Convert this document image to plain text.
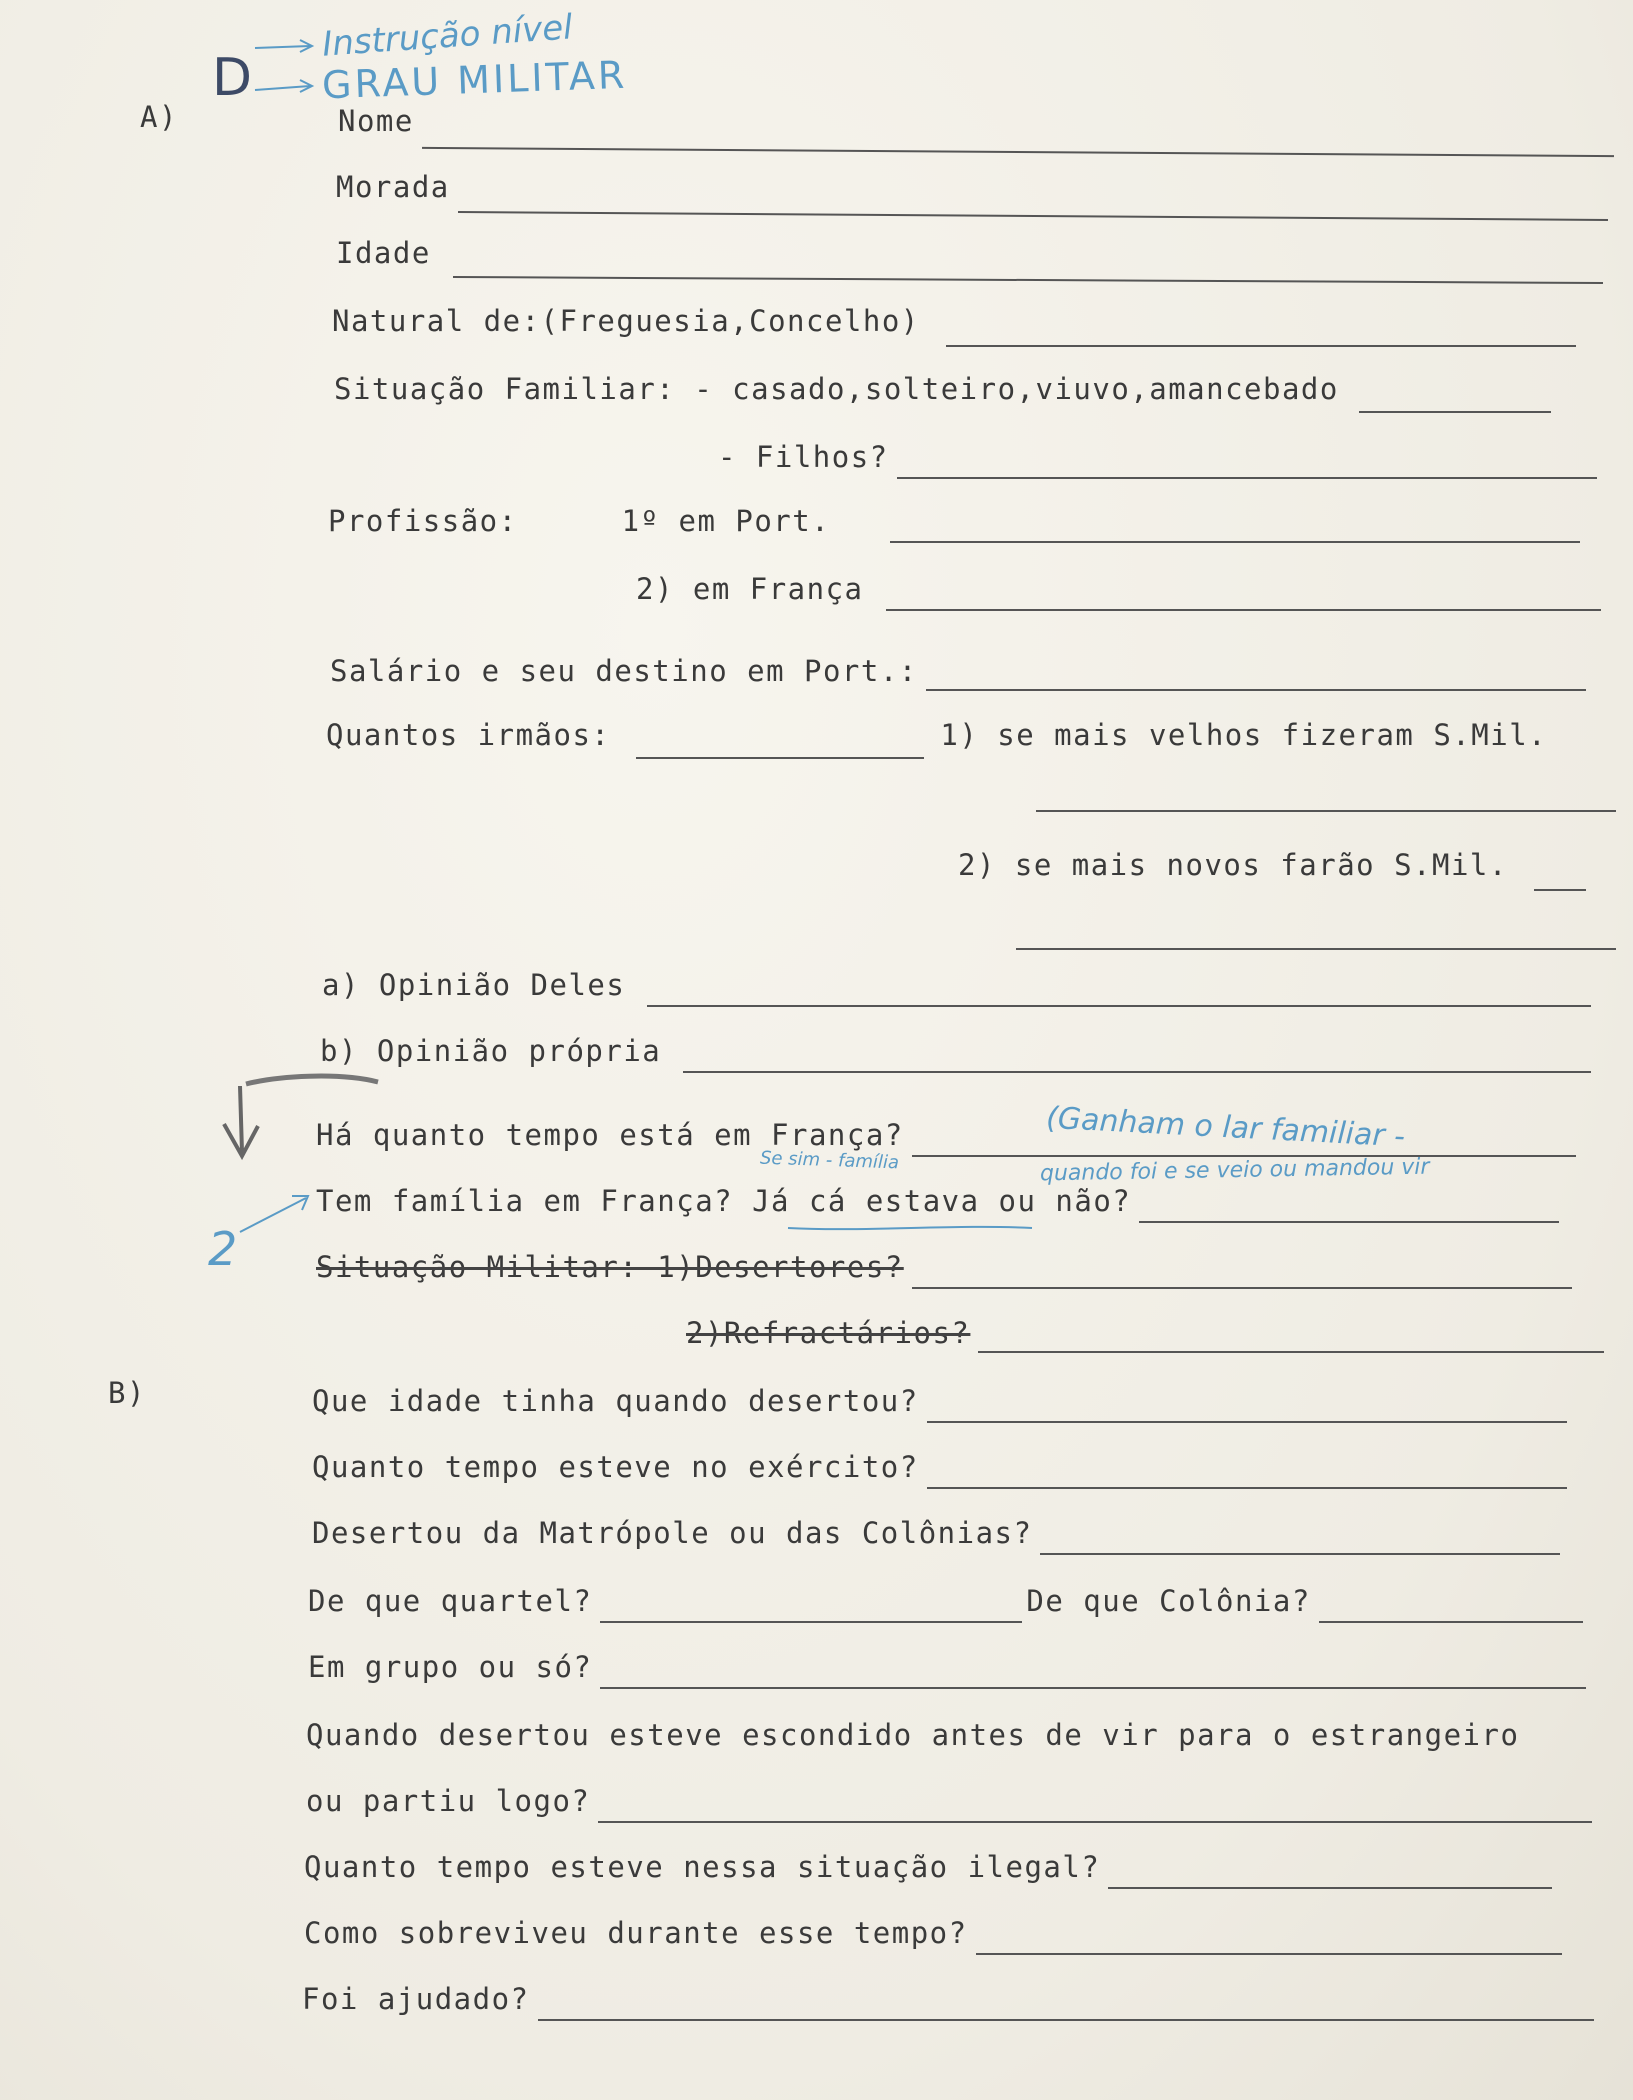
D
Instrução nível
GRAU MILITAR
A)	Nome
Morada
Idade
Natural de:(Freguesia,Concelho)
Situação Familiar: - casado,solteiro,viuvo,amancebado
- Filhos?
Profissão:	1º em Port.
2) em França
Salário e seu destino em Port.:
Quantos irmãos:	1) se mais velhos fizeram S.Mil.
2) se mais novos farão S.Mil.
a) Opinião Deles
b) Opinião própria
Há quanto tempo está em França?	(Ganham o lar familiar -
quando foi e se veio ou mandou vir
Se sim - família
Tem família em França? Já cá estava ou não?
2	Situação Militar: 1)Desertores?
2)Refractários?
B)	Que idade tinha quando desertou?
Quanto tempo esteve no exército?
Desertou da Matrópole ou das Colônias?
De que quartel?	De que Colônia?
Em grupo ou só?
Quando desertou esteve escondido antes de vir para o estrangeiro
ou partiu logo?
Quanto tempo esteve nessa situação ilegal?
Como sobreviveu durante esse tempo?
Foi ajudado?
